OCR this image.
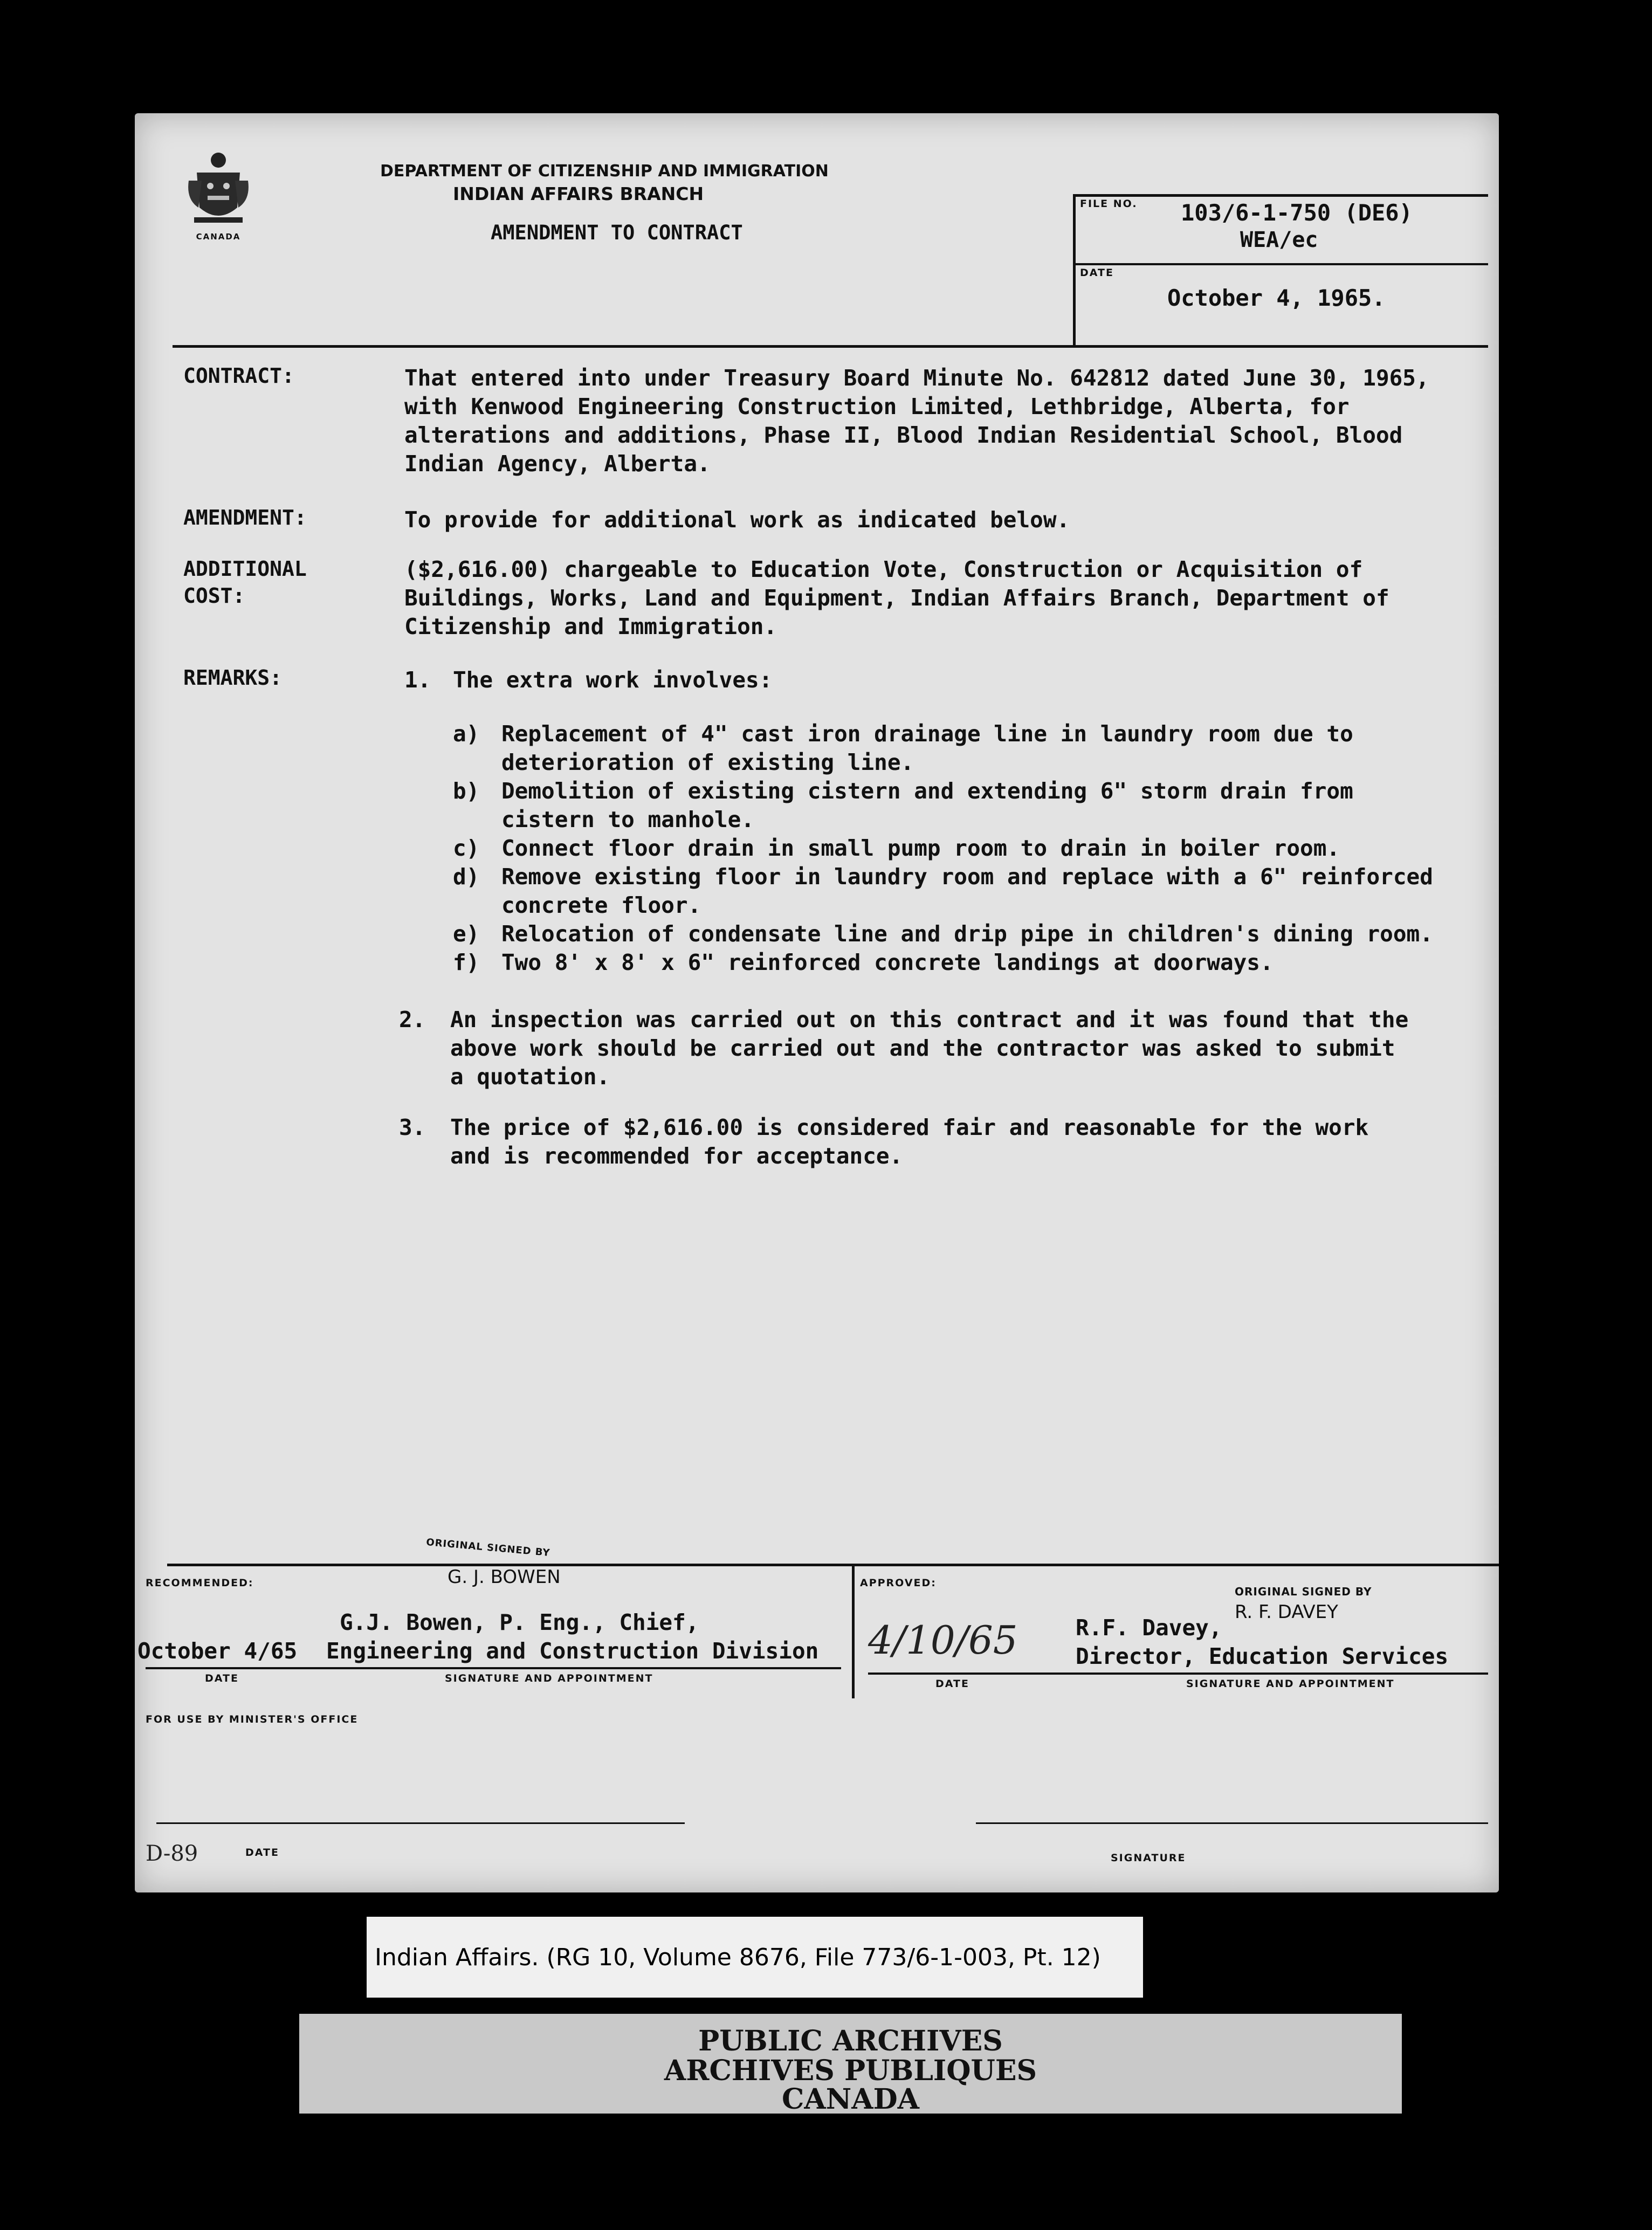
CANADA
DEPARTMENT OF CITIZENSHIP AND IMMIGRATION
INDIAN AFFAIRS BRANCH
AMENDMENT TO CONTRACT
FILE NO. 103/6-1-750 (DE6)
WEA/ec
DATE
October 4, 1965.
CONTRACT:	That entered into under Treasury Board Minute No. 642812 dated June 30, 1965,
with Kenwood Engineering Construction Limited, Lethbridge, Alberta, for
alterations and additions, Phase II, Blood Indian Residential School, Blood
Indian Agency, Alberta.
AMENDMENT:	To provide for additional work as indicated below.
ADDITIONAL
COST:
($2,616.00) chargeable to Education Vote, Construction or Acquisition of
Buildings, Works, Land and Equipment, Indian Affairs Branch, Department of
Citizenship and Immigration.
REMARKS:	1. The extra work involves:
a) Replacement of 4" cast iron drainage line in laundry room due to
deterioration of existing line.
b) Demolition of existing cistern and extending 6" storm drain from
cistern to manhole.
c) Connect floor drain in small pump room to drain in boiler room.
d) Remove existing floor in laundry room and replace with a 6" reinforced
concrete floor.
e) Relocation of condensate line and drip pipe in children's dining room.
f) Two 8' x 8' x 6" reinforced concrete landings at doorways.
2. An inspection was carried out on this contract and it was found that the
above work should be carried out and the contractor was asked to submit
a quotation.
3. The price of $2,616.00 is considered fair and reasonable for the work
and is recommended for acceptance.
RECOMMENDED:
ORIGINAL SIGNED BY
G. J. BOWEN
G.J. Bowen, P. Eng., Chief,
October 4/65 Engineering and Construction Division
DATE	SIGNATURE AND APPOINTMENT
APPROVED:
4/10/65
ORIGINAL SIGNED BY
R. F. DAVEY
R.F. Davey,
Director, Education Services
DATE	SIGNATURE AND APPOINTMENT
FOR USE BY MINISTER'S OFFICE
D-89	DATE	SIGNATURE
Indian Affairs. (RG 10, Volume 8676, File 773/6-1-003, Pt. 12)
PUBLIC ARCHIVES
ARCHIVES PUBLIQUES
CANADA
